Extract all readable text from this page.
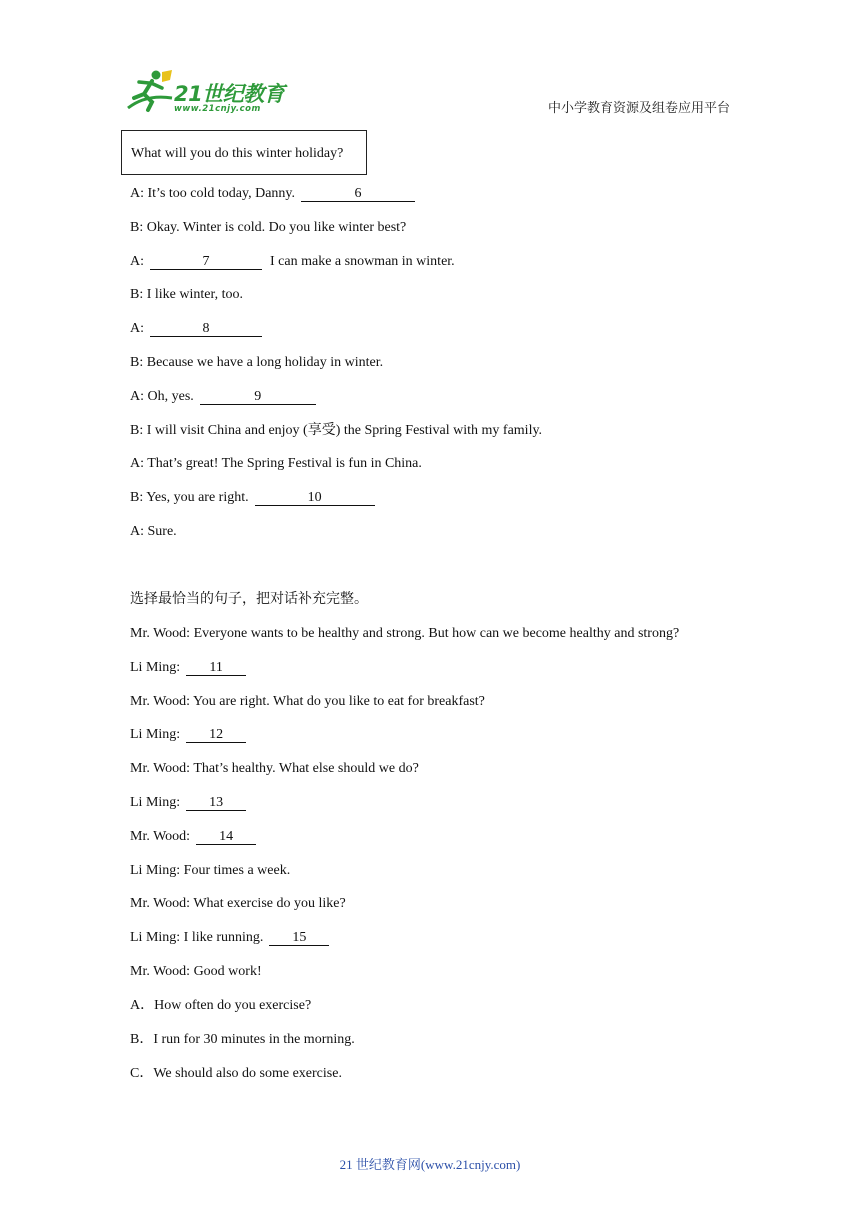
21世纪教育
www.21cnjy.com	中小学教育资源及组卷应用平台
What will you do this winter holiday?
A: It’s too cold today, Danny.	6
B: Okay. Winter is cold. Do you like winter best?
A:	7	I can make a snowman in winter.
B: I like winter, too.
A:	8
B: Because we have a long holiday in winter.
A: Oh, yes.	9
B: I will visit China and enjoy (享受) the Spring Festival with my family.
A: That’s great! The Spring Festival is fun in China.
B: Yes, you are right.	10
A: Sure.
选择最恰当的句子，把对话补充完整。
Mr. Wood: Everyone wants to be healthy and strong. But how can we become healthy and strong?
Li Ming: 11
Mr. Wood: You are right. What do you like to eat for breakfast?
Li Ming: 12
Mr. Wood: That’s healthy. What else should we do?
Li Ming: 13
Mr. Wood: 14
Li Ming: Four times a week.
Mr. Wood: What exercise do you like?
Li Ming: I like running. 15
Mr. Wood: Good work!
A．How often do you exercise?
B．I run for 30 minutes in the morning.
C．We should also do some exercise.
21 世纪教育网(www.21cnjy.com)
